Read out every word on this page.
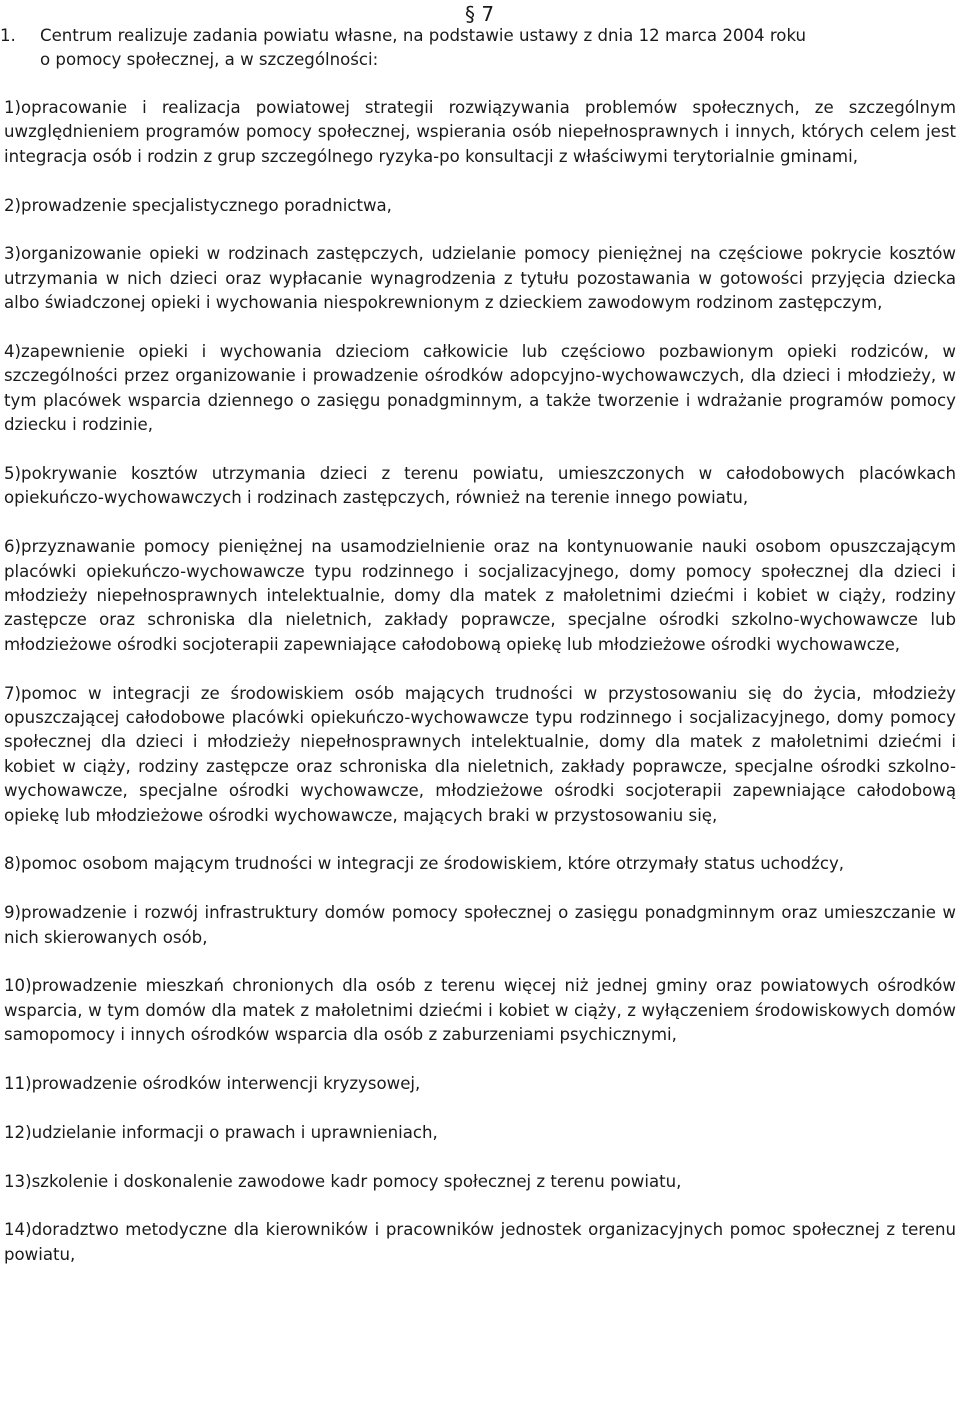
§ 7
1. Centrum realizuje zadania powiatu własne, na podstawie ustawy z dnia 12 marca 2004 roku
o pomocy społecznej, a w szczególności:

1)opracowanie i realizacja powiatowej strategii rozwiązywania problemów społecznych, ze szczególnym uwzględnieniem programów pomocy społecznej, wspierania osób niepełnosprawnych i innych, których celem jest integracja osób i rodzin z grup szczególnego ryzyka-po konsultacji z właściwymi terytorialnie gminami,

2)prowadzenie specjalistycznego poradnictwa,

3)organizowanie opieki w rodzinach zastępczych, udzielanie pomocy pieniężnej na częściowe pokrycie kosztów utrzymania w nich dzieci oraz wypłacanie wynagrodzenia z tytułu pozostawania w gotowości przyjęcia dziecka albo świadczonej opieki i wychowania niespokrewnionym z dzieckiem zawodowym rodzinom zastępczym,

4)zapewnienie opieki i wychowania dzieciom całkowicie lub częściowo pozbawionym opieki rodziców, w szczególności przez organizowanie i prowadzenie ośrodków adopcyjno-wychowawczych, dla dzieci i młodzieży, w tym placówek wsparcia dziennego o zasięgu ponadgminnym, a także tworzenie i wdrażanie programów pomocy dziecku i rodzinie,

5)pokrywanie kosztów utrzymania dzieci z terenu powiatu, umieszczonych w całodobowych placówkach opiekuńczo-wychowawczych i rodzinach zastępczych, również na terenie innego powiatu,

6)przyznawanie pomocy pieniężnej na usamodzielnienie oraz na kontynuowanie nauki osobom opuszczającym placówki opiekuńczo-wychowawcze typu rodzinnego i socjalizacyjnego, domy pomocy społecznej dla dzieci i młodzieży niepełnosprawnych intelektualnie, domy dla matek z małoletnimi dziećmi i kobiet w ciąży, rodziny zastępcze oraz schroniska dla nieletnich, zakłady poprawcze, specjalne ośrodki szkolno-wychowawcze lub młodzieżowe ośrodki socjoterapii zapewniające całodobową opiekę lub młodzieżowe ośrodki wychowawcze,

7)pomoc w integracji ze środowiskiem osób mających trudności w przystosowaniu się do życia, młodzieży opuszczającej całodobowe placówki opiekuńczo-wychowawcze typu rodzinnego i socjalizacyjnego, domy pomocy społecznej dla dzieci i młodzieży niepełnosprawnych intelektualnie, domy dla matek z małoletnimi dziećmi i kobiet w ciąży, rodziny zastępcze oraz schroniska dla nieletnich, zakłady poprawcze, specjalne ośrodki szkolno-wychowawcze, specjalne ośrodki wychowawcze, młodzieżowe ośrodki socjoterapii zapewniające całodobową opiekę lub młodzieżowe ośrodki wychowawcze, mających braki w przystosowaniu się,

8)pomoc osobom mającym trudności w integracji ze środowiskiem, które otrzymały status uchodźcy,

9)prowadzenie i rozwój infrastruktury domów pomocy społecznej o zasięgu ponadgminnym oraz umieszczanie w nich skierowanych osób,

10)prowadzenie mieszkań chronionych dla osób z terenu więcej niż jednej gminy oraz powiatowych ośrodków wsparcia, w tym domów dla matek z małoletnimi dziećmi i kobiet w ciąży, z wyłączeniem środowiskowych domów samopomocy i innych ośrodków wsparcia dla osób z zaburzeniami psychicznymi,

11)prowadzenie ośrodków interwencji kryzysowej,

12)udzielanie informacji o prawach i uprawnieniach,

13)szkolenie i doskonalenie zawodowe kadr pomocy społecznej z terenu powiatu,

14)doradztwo metodyczne dla kierowników i pracowników jednostek organizacyjnych pomoc społecznej z terenu powiatu,
